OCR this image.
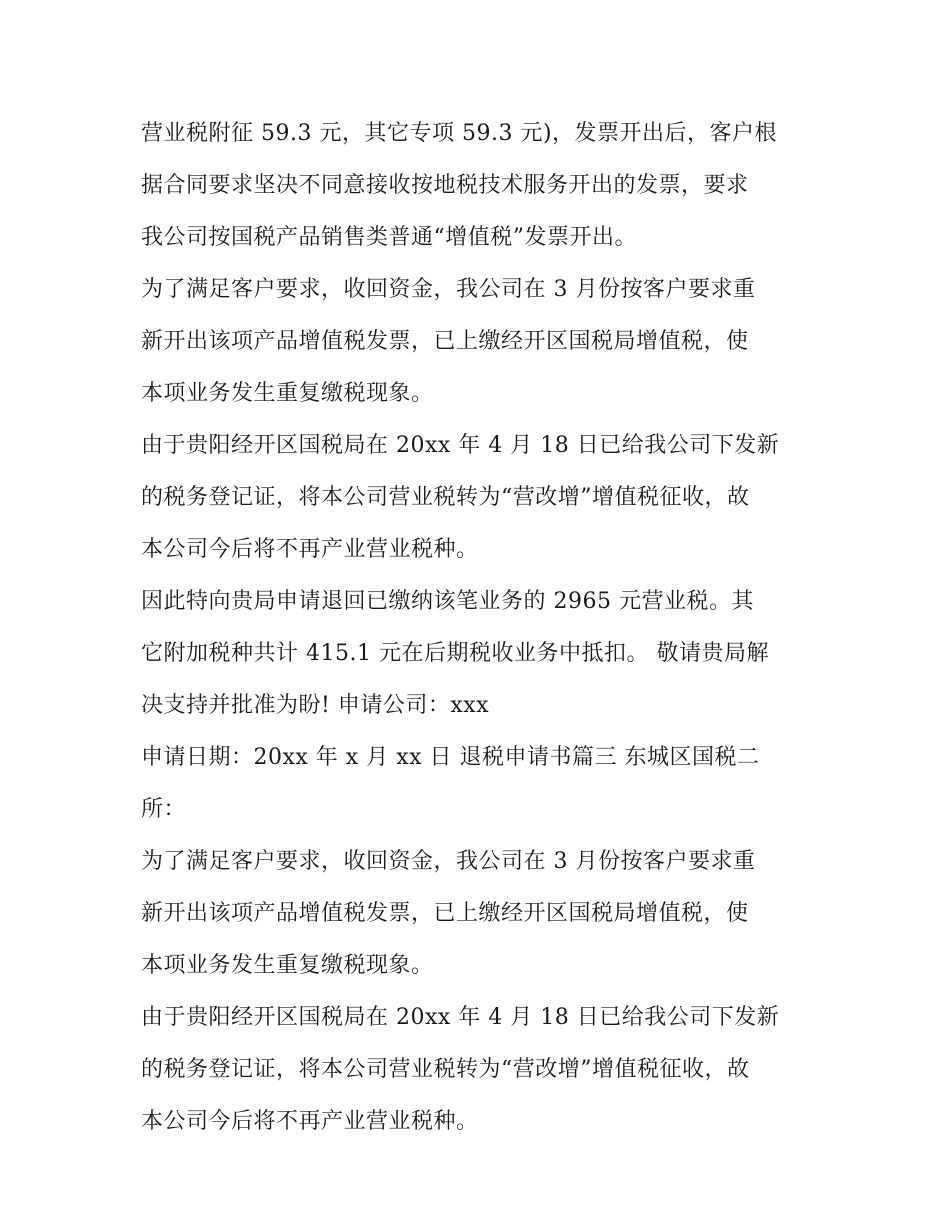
营业税附征 59.3 元，其它专项 59.3 元)，发票开出后，客户根
据合同要求坚决不同意接收按地税技术服务开出的发票，要求
我公司按国税产品销售类普通“增值税”发票开出。
为了满足客户要求，收回资金，我公司在 3 月份按客户要求重
新开出该项产品增值税发票，已上缴经开区国税局增值税，使
本项业务发生重复缴税现象。
由于贵阳经开区国税局在 20xx 年 4 月 18 日已给我公司下发新
的税务登记证，将本公司营业税转为“营改增”增值税征收，故
本公司今后将不再产业营业税种。
因此特向贵局申请退回已缴纳该笔业务的 2965 元营业税。其
它附加税种共计 415.1 元在后期税收业务中抵扣。 敬请贵局解
决支持并批准为盼! 申请公司：xxx
申请日期：20xx 年 x 月 xx 日 退税申请书篇三 东城区国税二
所：
为了满足客户要求，收回资金，我公司在 3 月份按客户要求重
新开出该项产品增值税发票，已上缴经开区国税局增值税，使
本项业务发生重复缴税现象。
由于贵阳经开区国税局在 20xx 年 4 月 18 日已给我公司下发新
的税务登记证，将本公司营业税转为“营改增”增值税征收，故
本公司今后将不再产业营业税种。
